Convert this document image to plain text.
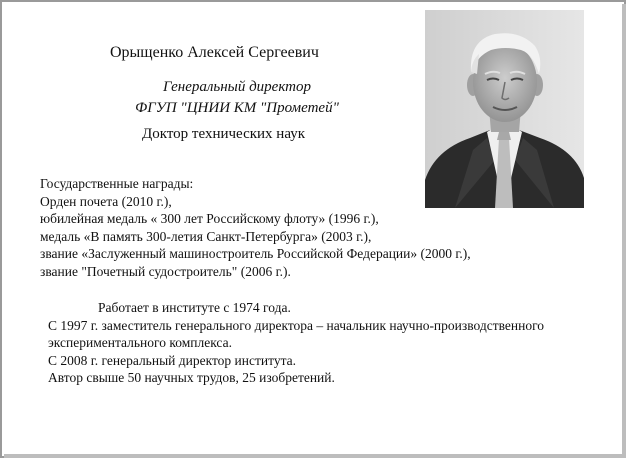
Орыщенко Алексей Сергеевич
Генеральный директор
ФГУП "ЦНИИ КМ "Прометей"
Доктор технических наук
Государственные награды:
Орден почета (2010 г.),
юбилейная медаль « 300 лет Российскому флоту» (1996 г.),
медаль «В память 300-летия Санкт-Петербурга» (2003 г.),
звание «Заслуженный машиностроитель Российской Федерации» (2000 г.),
звание "Почетный судостроитель" (2006 г.).
Работает в институте с 1974 года.
С 1997 г. заместитель генерального директора – начальник научно-производственного
экспериментального комплекса.
С 2008 г. генеральный директор института.
Автор свыше 50 научных трудов, 25 изобретений.
